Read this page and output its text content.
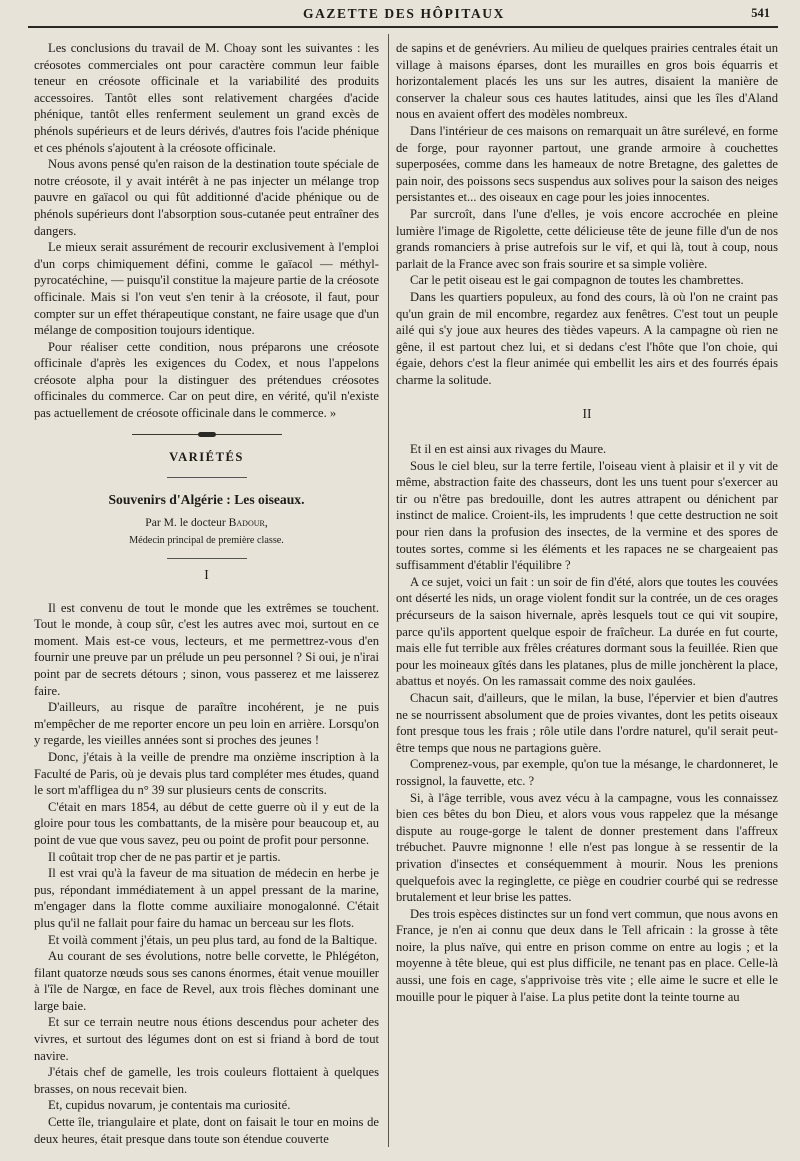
GAZETTE DES HÔPITAUX	541

Les conclusions du travail de M. Choay sont les suivantes : les créosotes commerciales ont pour caractère commun leur faible teneur en créosote officinale et la variabilité des produits accessoires. Tantôt elles sont relativement chargées d'acide phénique, tantôt elles renferment seulement un grand excès de phénols supérieurs et de leurs dérivés, d'autres fois l'acide phénique et ces phénols s'ajoutent à la créosote officinale.

Nous avons pensé qu'en raison de la destination toute spéciale de notre créosote, il y avait intérêt à ne pas injecter un mélange trop pauvre en gaïacol ou qui fût additionné d'acide phénique ou de phénols supérieurs dont l'absorption sous-cutanée peut entraîner des dangers.

Le mieux serait assurément de recourir exclusivement à l'emploi d'un corps chimiquement défini, comme le gaïacol — méthyl-pyrocatéchine, — puisqu'il constitue la majeure partie de la créosote officinale. Mais si l'on veut s'en tenir à la créosote, il faut, pour compter sur un effet thérapeutique constant, ne faire usage que d'un mélange de composition toujours identique.

Pour réaliser cette condition, nous préparons une créosote officinale d'après les exigences du Codex, et nous l'appelons créosote alpha pour la distinguer des prétendues créosotes officinales du commerce. Car on peut dire, en vérité, qu'il n'existe pas actuellement de créosote officinale dans le commerce. »

VARIÉTÉS
Souvenirs d'Algérie : Les oiseaux.

Par M. le docteur Badour,

Médecin principal de première classe.
I

Il est convenu de tout le monde que les extrêmes se touchent. Tout le monde, à coup sûr, c'est les autres avec moi, surtout en ce moment. Mais est-ce vous, lecteurs, et me permettrez-vous d'en fournir une preuve par un prélude un peu personnel ? Si oui, je n'irai point par de secrets détours ; sinon, vous passerez et me laisserez faire.

D'ailleurs, au risque de paraître incohérent, je ne puis m'empêcher de me reporter encore un peu loin en arrière. Lorsqu'on y regarde, les vieilles années sont si proches des jeunes !

Donc, j'étais à la veille de prendre ma onzième inscription à la Faculté de Paris, où je devais plus tard compléter mes études, quand le sort m'affligea du n° 39 sur plusieurs cents de conscrits.

C'était en mars 1854, au début de cette guerre où il y eut de la gloire pour tous les combattants, de la misère pour beaucoup et, au point de vue que vous savez, peu ou point de profit pour personne.

Il coûtait trop cher de ne pas partir et je partis.

Il est vrai qu'à la faveur de ma situation de médecin en herbe je pus, répondant immédiatement à un appel pressant de la marine, m'engager dans la flotte comme auxiliaire monogalonné. C'était plus qu'il ne fallait pour faire du hamac un berceau sur les flots.

Et voilà comment j'étais, un peu plus tard, au fond de la Baltique.

Au courant de ses évolutions, notre belle corvette, le Phlégéton, filant quatorze nœuds sous ses canons énormes, était venue mouiller à l'île de Nargœ, en face de Revel, aux trois flèches dominant une large baie.

Et sur ce terrain neutre nous étions descendus pour acheter des vivres, et surtout des légumes dont on est si friand à bord de tout navire.

J'étais chef de gamelle, les trois couleurs flottaient à quelques brasses, on nous recevait bien.

Et, cupidus novarum, je contentais ma curiosité.

Cette île, triangulaire et plate, dont on faisait le tour en moins de deux heures, était presque dans toute son étendue couverte

de sapins et de genévriers. Au milieu de quelques prairies centrales était un village à maisons éparses, dont les murailles en gros bois équarris et horizontalement placés les uns sur les autres, disaient la manière de conserver la chaleur sous ces hautes latitudes, ainsi que les îles d'Aland nous en avaient offert des modèles nombreux.

Dans l'intérieur de ces maisons on remarquait un âtre surélevé, en forme de forge, pour rayonner partout, une grande armoire à couchettes superposées, comme dans les hameaux de notre Bretagne, des galettes de pain noir, des poissons secs suspendus aux solives pour la saison des neiges persistantes et... des oiseaux en cage pour les joies innocentes.

Par surcroît, dans l'une d'elles, je vois encore accrochée en pleine lumière l'image de Rigolette, cette délicieuse tête de jeune fille d'un de nos grands romanciers à prise autrefois sur le vif, et qui là, tout à coup, nous parlait de la France avec son frais sourire et sa simple volière.

Car le petit oiseau est le gai compagnon de toutes les chambrettes.

Dans les quartiers populeux, au fond des cours, là où l'on ne craint pas qu'un grain de mil encombre, regardez aux fenêtres. C'est tout un peuple ailé qui s'y joue aux heures des tièdes vapeurs. A la campagne où rien ne gêne, il est partout chez lui, et si dedans c'est l'hôte que l'on choie, qui égaie, dehors c'est la fleur animée qui embellit les airs et des fourrés épais charme la solitude.

II

Et il en est ainsi aux rivages du Maure.

Sous le ciel bleu, sur la terre fertile, l'oiseau vient à plaisir et il y vit de même, abstraction faite des chasseurs, dont les uns tuent pour s'exercer au tir ou n'être pas bredouille, dont les autres attrapent ou dénichent par instinct de malice. Croient-ils, les imprudents ! que cette destruction ne soit pour rien dans la profusion des insectes, de la vermine et des spores de toutes sortes, comme si les éléments et les rapaces ne se chargeaient pas suffisamment d'établir l'équilibre ?

A ce sujet, voici un fait : un soir de fin d'été, alors que toutes les couvées ont déserté les nids, un orage violent fondit sur la contrée, un de ces orages précurseurs de la saison hivernale, après lesquels tout ce qui vit soupire, parce qu'ils apportent quelque espoir de fraîcheur. La durée en fut courte, mais elle fut terrible aux frêles créatures dormant sous la feuillée. Rien que pour les moineaux gîtés dans les platanes, plus de mille jonchèrent la place, abattus et noyés. On les ramassait comme des noix gaulées.

Chacun sait, d'ailleurs, que le milan, la buse, l'épervier et bien d'autres ne se nourrissent absolument que de proies vivantes, dont les petits oiseaux font presque tous les frais ; rôle utile dans l'ordre naturel, qu'il serait peut-être temps que nous ne partagions guère.

Comprenez-vous, par exemple, qu'on tue la mésange, le chardonneret, le rossignol, la fauvette, etc. ?

Si, à l'âge terrible, vous avez vécu à la campagne, vous les connaissez bien ces bêtes du bon Dieu, et alors vous vous rappelez que la mésange dispute au rouge-gorge le talent de donner prestement dans l'affreux trébuchet. Pauvre mignonne ! elle n'est pas longue à se ressentir de la privation d'insectes et conséquemment à mourir. Nous les prenions quelquefois avec la reginglette, ce piège en coudrier courbé qui se redresse brutalement et leur brise les pattes.

Des trois espèces distinctes sur un fond vert commun, que nous avons en France, je n'en ai connu que deux dans le Tell africain : la grosse à tête noire, la plus naïve, qui entre en prison comme on entre au logis ; et la moyenne à tête bleue, qui est plus difficile, ne tenant pas en place. Celle-là aussi, une fois en cage, s'apprivoise très vite ; elle aime le sucre et elle le mouille pour le piquer à l'aise. La plus petite dont la teinte tourne au
